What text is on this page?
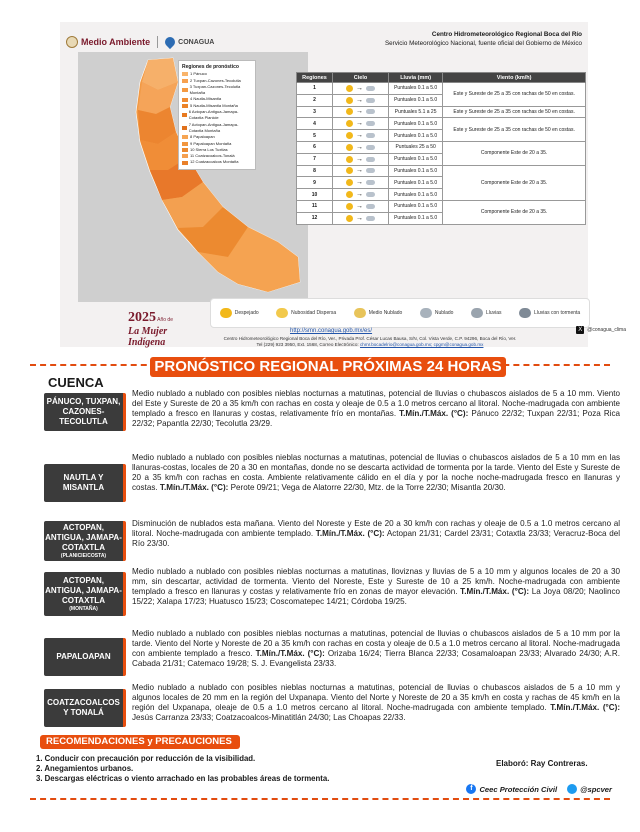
Medio Ambiente	CONAGUA
Centro Hidrometeorológico Regional Boca del Río
Servicio Meteorológico Nacional, fuente oficial del Gobierno de México
Regiones de pronóstico
1 Pánuco
2 Tuxpan-Cazones-Tecolutla
3 Tuxpan-Cazones-Tecolutla Montaña
4 Nautla-Misantla
5 Nautla-Misantla Montaña
6 Actopan-Antigua-Jamapa-Cotaxtla Planicie
7 Actopan-Antigua-Jamapa-Cotaxtla Montaña
8 Papaloapan
9 Papaloapan Montaña
10 Sierra Los Tuxtlas
11 Coatzacoalcos-Tonalá
12 Coatzacoalcos Montaña
Regiones	Cielo	Lluvia (mm)	Viento (km/h)
1	→	Puntuales 0.1 a 5.0	Este y Sureste de 25 a 35 con rachas de 50 en costas.
2	→	Puntuales 0.1 a 5.0	
3	→	Puntuales 5.1 a 25	Este y Sureste de 25 a 35 con rachas de 50 en costas.
4	→	Puntuales 0.1 a 5.0	Este y Sureste de 25 a 35 con rachas de 50 en costas.
5	→	Puntuales 0.1 a 5.0	
6	→	Puntuales 25 a 50	Componente Este de 20 a 35.
7	→	Puntuales 0.1 a 5.0	
8	→	Puntuales 0.1 a 5.0	Componente Este de 20 a 35.
9	→	Puntuales 0.1 a 5.0	
10	→	Puntuales 0.1 a 5.0	
11	→	Puntuales 0.1 a 5.0	Componente Este de 20 a 35.
12	→	Puntuales 0.1 a 5.0	
2025 Año de
La Mujer
Indígena
Despejado	Nubosidad Dispersa	Medio Nublado	Nublado	Lluvias	Lluvias con tormenta
http://smn.conagua.gob.mx/es/	X	@conagua_clima
Centro Hidrometeorológico Regional Boca del Río, Ver., Privada Prof. César Lucas Bausa, S/N, Col. Vista Verde, C.P. 94296, Boca del Río, Ver.
Tel (229) 923 3950, Ext. 1568, Correo Electrónico: chmr.bocadelrio@conagua.gob.mx; cpgm@conagua.gob.mx
PRONÓSTICO REGIONAL PRÓXIMAS 24 HORAS
CUENCA
PÁNUCO, TUXPAN, CAZONES-TECOLUTLA
Medio nublado a nublado con posibles nieblas nocturnas a matutinas, potencial de lluvias o chubascos aislados de 5 a 10 mm. Viento del Este y Sureste de 20 a 35 km/h con rachas en costa y oleaje de 0.5 a 1.0 metros cercano al litoral. Noche-madrugada con ambiente templado a fresco en llanuras y costas, relativamente frío en montañas. T.Mín./T.Máx. (°C): Pánuco 22/32; Tuxpan 22/31; Poza Rica 22/32; Papantla 22/30; Tecolutla 23/29.
NAUTLA Y MISANTLA
Medio nublado a nublado con posibles nieblas nocturnas a matutinas, potencial de lluvias o chubascos aislados de 5 a 10 mm en las llanuras-costas, locales de 20 a 30 en montañas, donde no se descarta actividad de tormenta por la tarde. Viento del Este y Sureste de 20 a 35 km/h con rachas en costa. Ambiente relativamente cálido en el día y por la noche noche-madrugada fresco en llanuras y costas. T.Mín./T.Máx. (°C): Perote 09/21; Vega de Alatorre 22/30, Mtz. de la Torre 22/30; Misantla 20/30.
ACTOPAN, ANTIGUA, JAMAPA-COTAXTLA
(PLANICIE/COSTA)
Disminución de nublados esta mañana. Viento del Noreste y Este de 20 a 30 km/h con rachas y oleaje de 0.5 a 1.0 metros cercano al litoral. Noche-madrugada con ambiente templado. T.Mín./T.Máx. (°C): Actopan 21/31; Cardel 23/31; Cotaxtla 23/33; Veracruz-Boca del Río 23/30.
ACTOPAN, ANTIGUA, JAMAPA-COTAXTLA
(MONTAÑA)
Medio nublado a nublado con posibles nieblas nocturnas a matutinas, lloviznas y lluvias de 5 a 10 mm y algunos locales de 20 a 30 mm, sin descartar, actividad de tormenta. Viento del Noreste, Este y Sureste de 10 a 25 km/h. Noche-madrugada con ambiente templado a fresco en llanuras y costas y relativamente frío en zonas de mayor elevación. T.Mín./T.Máx. (°C): La Joya 08/20; Naolinco 15/22; Xalapa 17/23; Huatusco 15/23; Coscomatepec 14/21; Córdoba 19/25.
PAPALOAPAN
Medio nublado a nublado con posibles nieblas nocturnas a matutinas, potencial de lluvias o chubascos aislados de 5 a 10 mm por la tarde. Viento del Norte y Noreste de 20 a 35 km/h con rachas en costa y oleaje de 0.5 a 1.0 metros cercano al litoral. Noche-madrugada con ambiente templado a fresco. T.Mín./T.Máx. (°C): Orizaba 16/24; Tierra Blanca 22/33; Cosamaloapan 23/33; Alvarado 24/30; A.R. Cabada 21/31; Catemaco 19/28; S. J. Evangelista 23/33.
COATZACOALCOS Y TONALÁ
Medio nublado a nublado con posibles nieblas nocturnas a matutinas, potencial de lluvias o chubascos aislados de 5 a 10 mm y algunos locales de 20 mm en la región del Uxpanapa. Viento del Norte y Noreste de 20 a 35 km/h en costa y rachas de 45 km/h en la región del Uxpanapa, oleaje de 0.5 a 1.0 metros cercano al litoral. Noche-madrugada con ambiente templado. T.Mín./T.Máx. (°C): Jesús Carranza 23/33; Coatzacoalcos-Minatitlán 24/30; Las Choapas 22/33.
RECOMENDACIONES y PRECAUCIONES
1. Conducir con precaución por reducción de la visibilidad.
2. Anegamientos urbanos.
3. Descargas eléctricas o viento arrachado en las probables áreas de tormenta.
Elaboró: Ray Contreras.
f Ceec Protección Civil	@spcver
